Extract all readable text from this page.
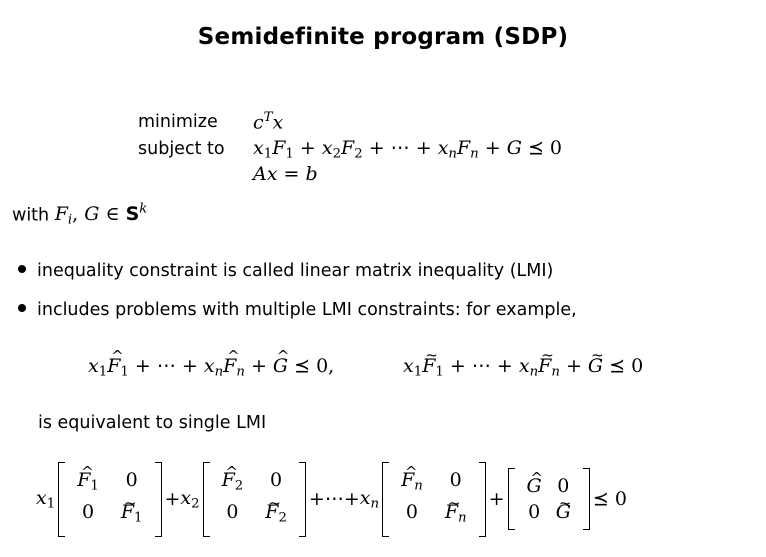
Semidefinite program (SDP)
minimize $c^Tx$
subject to $x_1F_1 + x_2F_2$ + ⋯ + $x_nF_n + G$ ⪯ 0
Ax = b
with $F_i$, G ∈ $S^k$
inequality constraint is called linear matrix inequality (LMI)
includes problems with multiple LMI constraints: for example,
$x_1\^{}$ $F_1$ + ⋯ + $x_n\^{}$ $F_n$ + ^ G ⪯ 0,	$x_1\sim$ $F_1$ + ⋯ + $x_n\sim$ $F_n$ + ~ G ⪯ 0
is equivalent to single LMI
$x_1$
^ $F_1$ 0
0 ~ $F_1$
+ $x_2$
^ $F_2$ 0
0 ~ $F_2$
+⋯+ $x_n$
^ $F_n$ 0
0 ~ $F_n$
+
^ G 0
0 ~ G
⪯ 0
